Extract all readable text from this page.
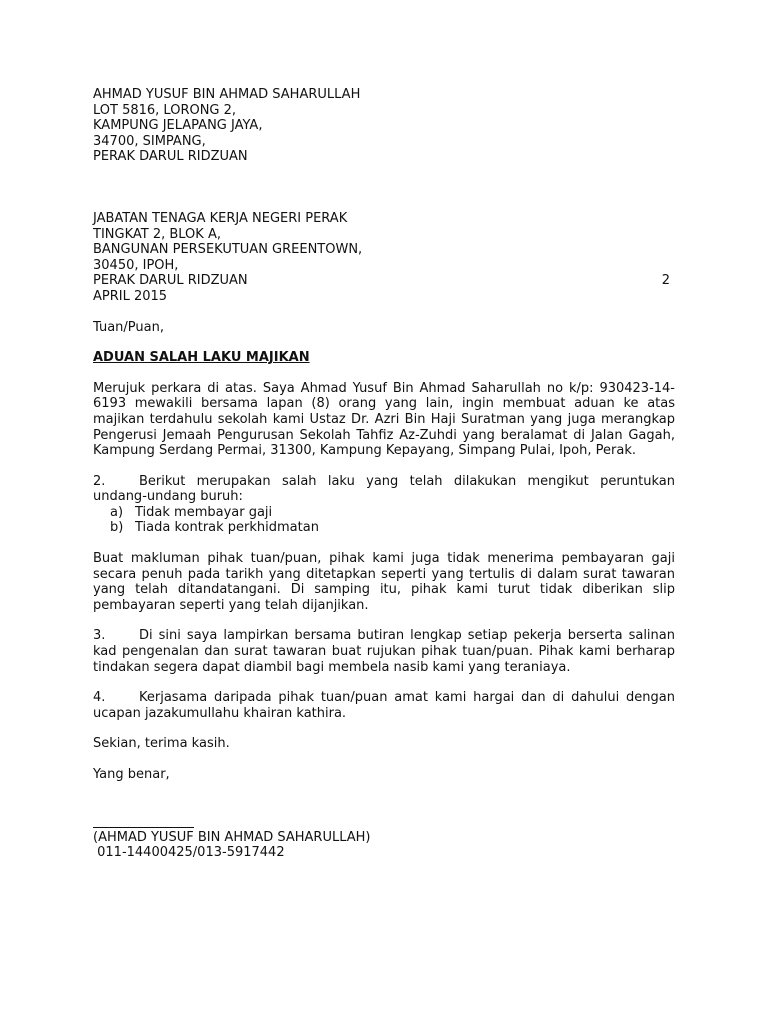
AHMAD YUSUF BIN AHMAD SAHARULLAH
LOT 5816, LORONG 2,
KAMPUNG JELAPANG JAYA,
34700, SIMPANG,
PERAK DARUL RIDZUAN
JABATAN TENAGA KERJA NEGERI PERAK
TINGKAT 2, BLOK A,
BANGUNAN PERSEKUTUAN GREENTOWN,
30450, IPOH,
PERAK DARUL RIDZUAN	2
APRIL 2015
Tuan/Puan,
ADUAN SALAH LAKU MAJIKAN

Merujuk perkara di atas. Saya Ahmad Yusuf Bin Ahmad Saharullah no k/p: 930423-14-6193 mewakili bersama lapan (8) orang yang lain, ingin membuat aduan ke atas majikan terdahulu sekolah kami Ustaz Dr. Azri Bin Haji Suratman yang juga merangkap Pengerusi Jemaah Pengurusan Sekolah Tahfiz Az-Zuhdi yang beralamat di Jalan Gagah, Kampung Serdang Permai, 31300, Kampung Kepayang, Simpang Pulai, Ipoh, Perak.

2.	Berikut merupakan salah laku yang telah dilakukan mengikut peruntukan undang-undang buruh:

a) Tidak membayar gaji
b) Tiada kontrak perkhidmatan

Buat makluman pihak tuan/puan, pihak kami juga tidak menerima pembayaran gaji secara penuh pada tarikh yang ditetapkan seperti yang tertulis di dalam surat tawaran yang telah ditandatangani. Di samping itu, pihak kami turut tidak diberikan slip pembayaran seperti yang telah dijanjikan.

3.	Di sini saya lampirkan bersama butiran lengkap setiap pekerja berserta salinan kad pengenalan dan surat tawaran buat rujukan pihak tuan/puan. Pihak kami berharap tindakan segera dapat diambil bagi membela nasib kami yang teraniaya.

4.	Kerjasama daripada pihak tuan/puan amat kami hargai dan di dahului dengan ucapan jazakumullahu khairan kathira.

Sekian, terima kasih.
Yang benar,
(AHMAD YUSUF BIN AHMAD SAHARULLAH)
011-14400425/013-5917442
